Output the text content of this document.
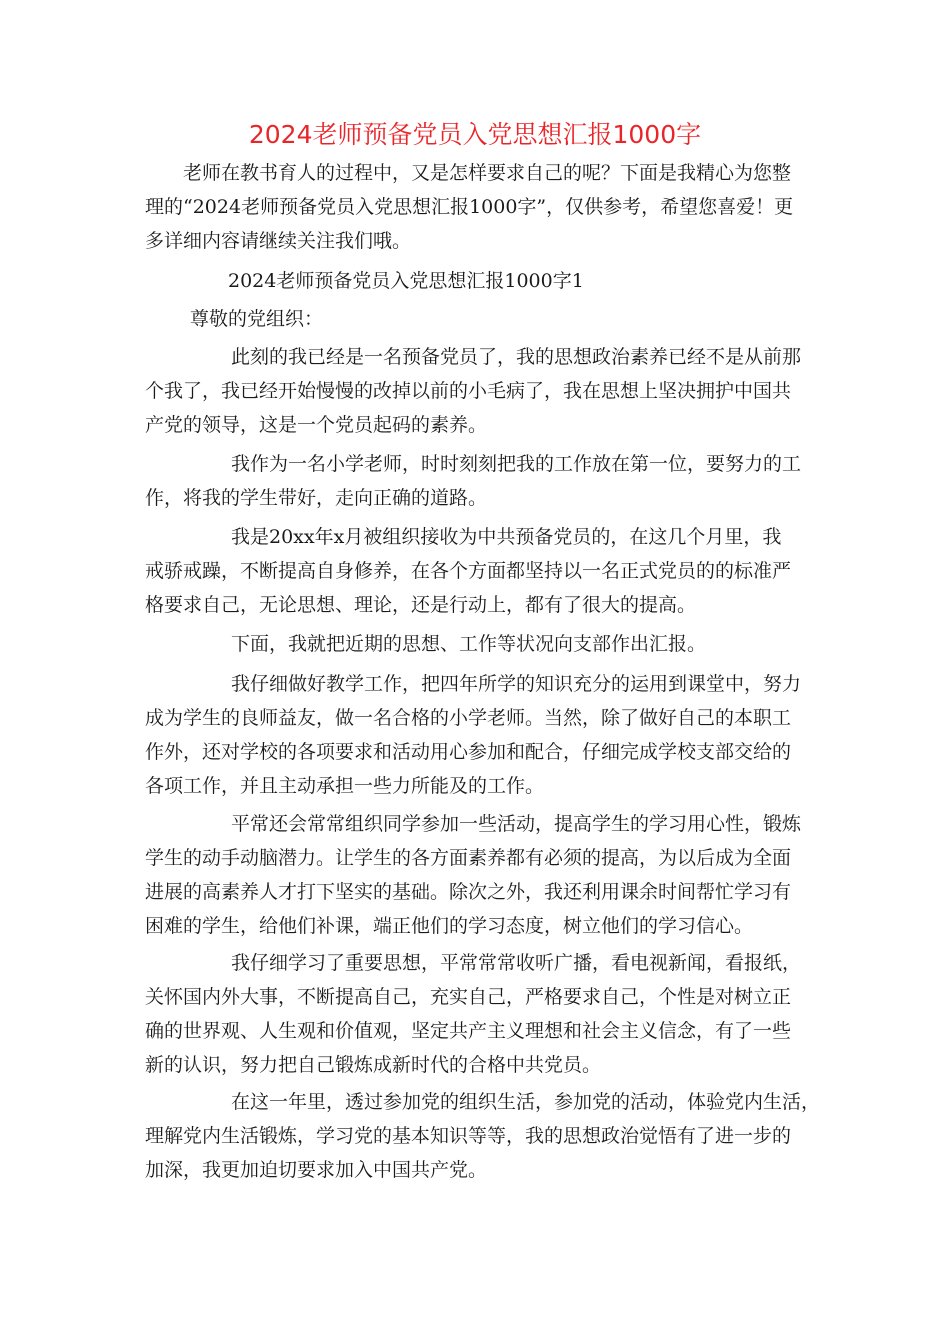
2024老师预备党员入党思想汇报1000字
老师在教书育人的过程中，又是怎样要求自己的呢？下面是我精心为您整
理的“2024老师预备党员入党思想汇报1000字”，仅供参考，希望您喜爱！更
多详细内容请继续关注我们哦。
2024老师预备党员入党思想汇报1000字1
尊敬的党组织：
此刻的我已经是一名预备党员了，我的思想政治素养已经不是从前那
个我了，我已经开始慢慢的改掉以前的小毛病了，我在思想上坚决拥护中国共
产党的领导，这是一个党员起码的素养。
我作为一名小学老师，时时刻刻把我的工作放在第一位，要努力的工
作，将我的学生带好，走向正确的道路。
我是20xx年x月被组织接收为中共预备党员的，在这几个月里，我
戒骄戒躁，不断提高自身修养，在各个方面都坚持以一名正式党员的的标准严
格要求自己，无论思想、理论，还是行动上，都有了很大的提高。
下面，我就把近期的思想、工作等状况向支部作出汇报。
我仔细做好教学工作，把四年所学的知识充分的运用到课堂中，努力
成为学生的良师益友，做一名合格的小学老师。当然，除了做好自己的本职工
作外，还对学校的各项要求和活动用心参加和配合，仔细完成学校支部交给的
各项工作，并且主动承担一些力所能及的工作。
平常还会常常组织同学参加一些活动，提高学生的学习用心性，锻炼
学生的动手动脑潜力。让学生的各方面素养都有必须的提高，为以后成为全面
进展的高素养人才打下坚实的基础。除次之外，我还利用课余时间帮忙学习有
困难的学生，给他们补课，端正他们的学习态度，树立他们的学习信心。
我仔细学习了重要思想，平常常常收听广播，看电视新闻，看报纸，
关怀国内外大事，不断提高自己，充实自己，严格要求自己，个性是对树立正
确的世界观、人生观和价值观，坚定共产主义理想和社会主义信念，有了一些
新的认识，努力把自己锻炼成新时代的合格中共党员。
在这一年里，透过参加党的组织生活，参加党的活动，体验党内生活，
理解党内生活锻炼，学习党的基本知识等等，我的思想政治觉悟有了进一步的
加深，我更加迫切要求加入中国共产党。
